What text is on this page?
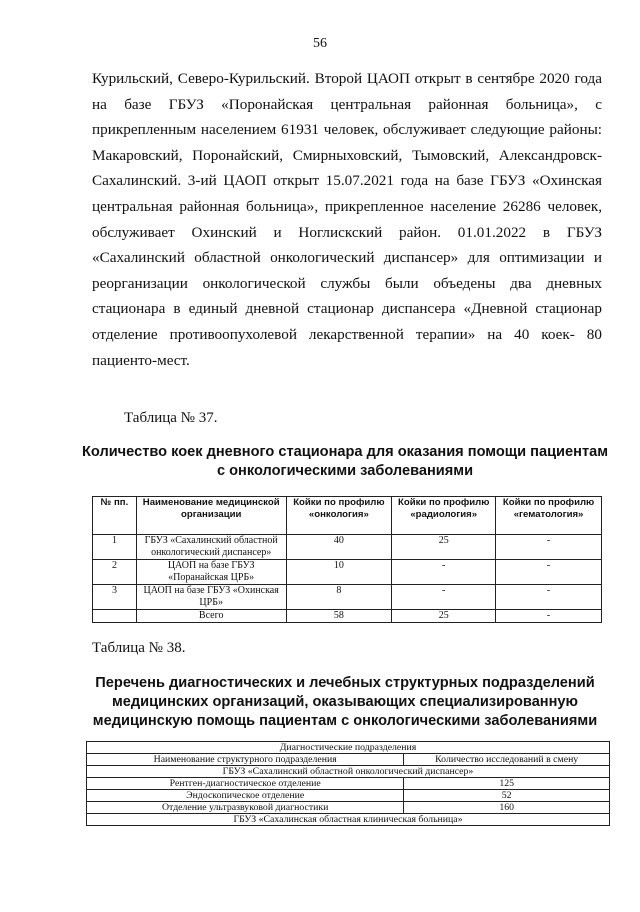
56

Курильский, Северо-Курильский. Второй ЦАОП открыт в сентябре 2020 года на базе ГБУЗ «Поронайская центральная районная больница», с прикрепленным населением 61931 человек, обслуживает следующие районы: Макаровский, Поронайский, Смирныховский, Тымовский, Александровск-Сахалинский. 3-ий ЦАОП открыт 15.07.2021 года на базе ГБУЗ «Охинская центральная районная больница», прикрепленное население 26286 человек, обслуживает Охинский и Ноглискский район. 01.01.2022 в ГБУЗ «Сахалинский областной онкологический диспансер» для оптимизации и реорганизации онкологической службы были объедены два дневных стационара в единый дневной стационар диспансера «Дневной стационар отделение противоопухолевой лекарственной терапии» на 40 коек- 80 пациенто-мест.

Таблица № 37.
Количество коек дневного стационара для оказания помощи пациентам
с онкологическими заболеваниями
№ пп.	Наименование медицинской организации	Койки по профилю «онкология»	Койки по профилю «радиология»	Койки по профилю «гематология»
1	ГБУЗ «Сахалинский областной онкологический диспансер»	40	25	-
2	ЦАОП на базе ГБУЗ «Поранайская ЦРБ»	10	-	-
3	ЦАОП на базе ГБУЗ «Охинская ЦРБ»	8	-	-
	Всего	58	25	-
Таблица № 38.
Перечень диагностических и лечебных структурных подразделений
медицинских организаций, оказывающих специализированную
медицинскую помощь пациентам с онкологическими заболеваниями
Диагностические подразделения	
Наименование структурного подразделения	Количество исследований в смену
ГБУЗ «Сахалинский областной онкологический диспансер»	
Рентген-диагностическое отделение	125
Эндоскопическое отделение	52
Отделение ультразвуковой диагностики	160
ГБУЗ «Сахалинская областная клиническая больница»	
